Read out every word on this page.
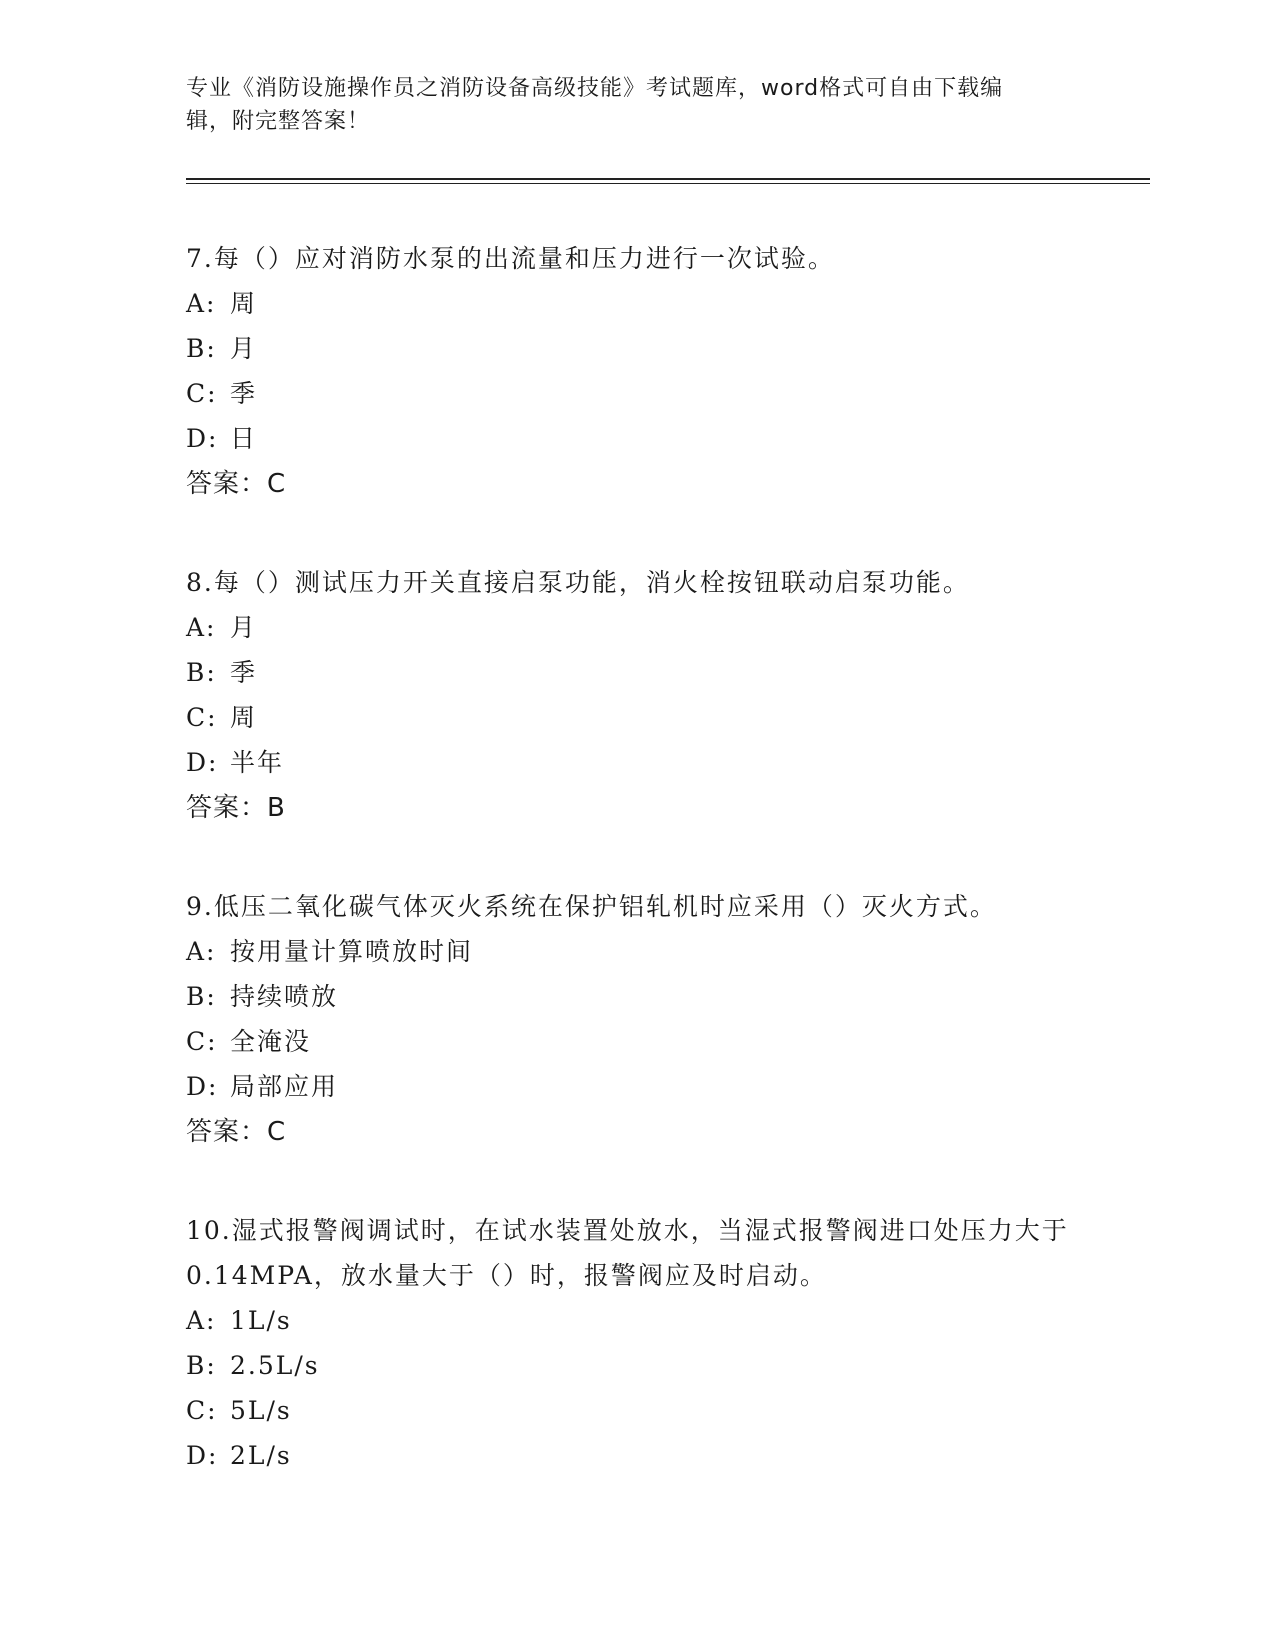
专业《消防设施操作员之消防设备高级技能》考试题库，word格式可自由下载编
辑，附完整答案！

7.每（）应对消防水泵的出流量和压力进行一次试验。

A: 周
B: 月
C: 季
D: 日
答案：C

8.每（）测试压力开关直接启泵功能，消火栓按钮联动启泵功能。

A: 月
B: 季
C: 周
D: 半年
答案：B

9.低压二氧化碳气体灭火系统在保护铝轧机时应采用（）灭火方式。

A: 按用量计算喷放时间
B: 持续喷放
C: 全淹没
D: 局部应用
答案：C

10.湿式报警阀调试时，在试水装置处放水，当湿式报警阀进口处压力大于0.14MPA，放水量大于（）时，报警阀应及时启动。

A: 1L/s
B: 2.5L/s
C: 5L/s
D: 2L/s
